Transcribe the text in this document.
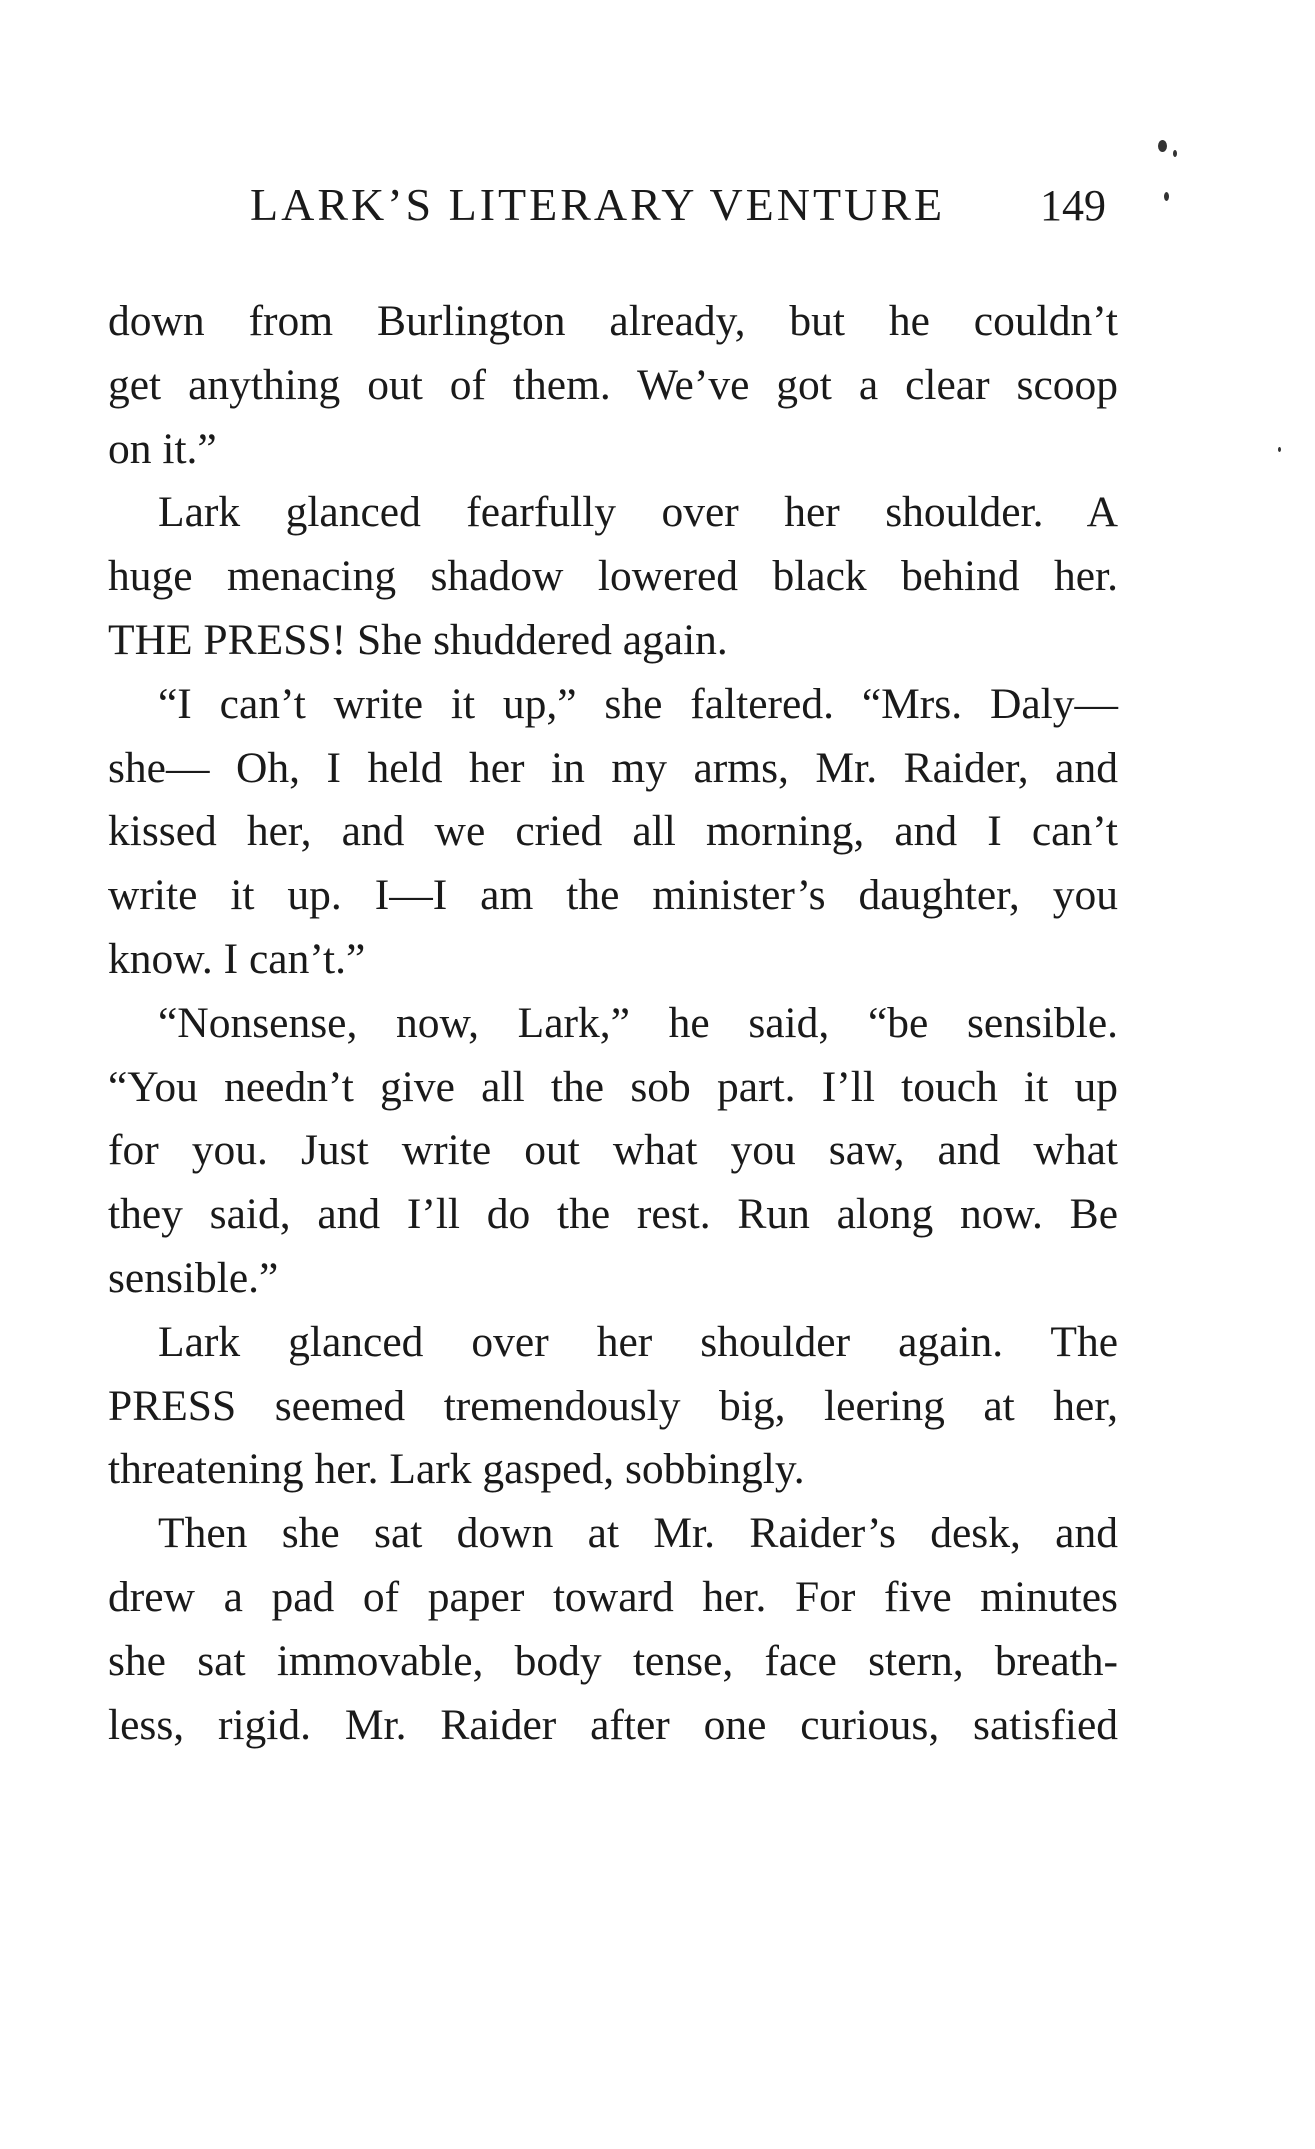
LARK’S LITERARY VENTURE 149
down from Burlington already, but he couldn’t
get anything out of them. We’ve got a clear scoop
on it.”
Lark glanced fearfully over her shoulder. A
huge menacing shadow lowered black behind her.
THE PRESS! She shuddered again.
“I can’t write it up,” she faltered. “Mrs. Daly—
she— Oh, I held her in my arms, Mr. Raider, and
kissed her, and we cried all morning, and I can’t
write it up. I—I am the minister’s daughter, you
know. I can’t.”
“Nonsense, now, Lark,” he said, “be sensible.
“You needn’t give all the sob part. I’ll touch it up
for you. Just write out what you saw, and what
they said, and I’ll do the rest. Run along now. Be
sensible.”
Lark glanced over her shoulder again. The
PRESS seemed tremendously big, leering at her,
threatening her. Lark gasped, sobbingly.
Then she sat down at Mr. Raider’s desk, and
drew a pad of paper toward her. For five minutes
she sat immovable, body tense, face stern, breath-
less, rigid. Mr. Raider after one curious, satisfied
